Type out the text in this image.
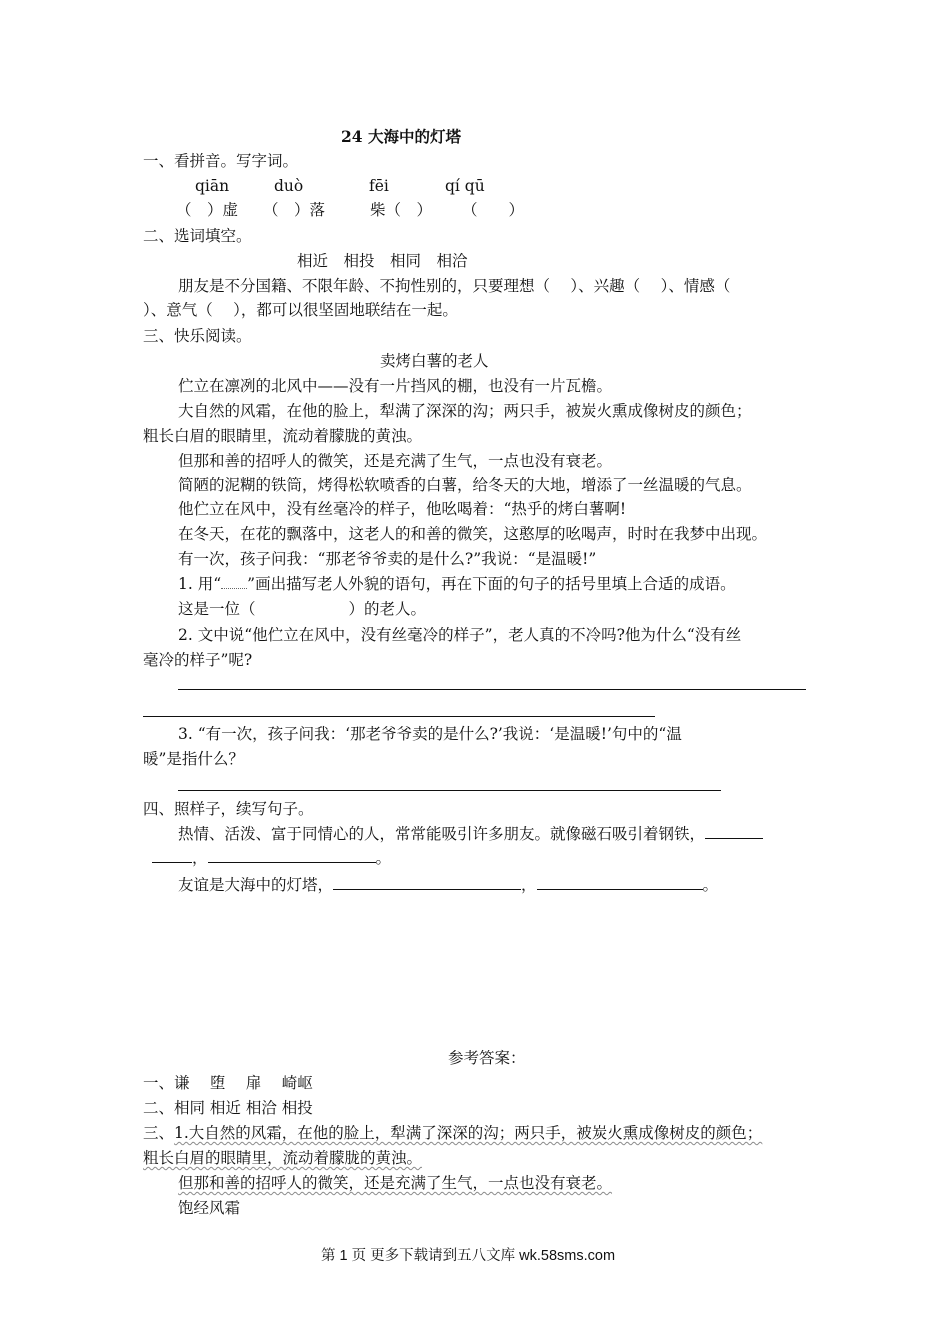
24 大海中的灯塔
一、看拼音。写字词。
qiān	duò	fēi	qí qū
（　）虚 （　）落	柴（　） （　　）
二、选词填空。
相近　相投　相同　相洽
朋友是不分国籍、不限年龄、不拘性别的，只要理想（　 ）、兴趣（　 ）、情感（
）、意气（　 ），都可以很坚固地联结在一起。
三、快乐阅读。
卖烤白薯的老人
伫立在凛冽的北风中——没有一片挡风的棚，也没有一片瓦檐。
大自然的风霜，在他的脸上，犁满了深深的沟；两只手，被炭火熏成像树皮的颜色；
粗长白眉的眼睛里，流动着朦胧的黄浊。
但那和善的招呼人的微笑，还是充满了生气，一点也没有衰老。
简陋的泥糊的铁筒，烤得松软喷香的白薯，给冬天的大地，增添了一丝温暖的气息。
他伫立在风中，没有丝毫冷的样子，他吆喝着：“热乎的烤白薯啊!
在冬天，在花的飘落中，这老人的和善的微笑，这憨厚的吆喝声，时时在我梦中出现。
有一次，孩子问我：“那老爷爷卖的是什么?”我说：“是温暖!”
1. 用“ ”画出描写老人外貌的语句，再在下面的句子的括号里填上合适的成语。
这是一位（　　　　　　）的老人。
2. 文中说“他伫立在风中，没有丝毫冷的样子”，老人真的不冷吗?他为什么“没有丝
毫冷的样子”呢?
3. “有一次，孩子问我：‘那老爷爷卖的是什么?’我说：‘是温暖!’句中的“温
暖”是指什么？
四、照样子，续写句子。
热情、活泼、富于同情心的人，常常能吸引许多朋友。就像磁石吸引着钢铁，
，	。
友谊是大海中的灯塔，	，	。
参考答案：
一、谦　 堕　 扉　 崎岖
二、相同 相近 相洽 相投
三、1.大自然的风霜，在他的脸上，犁满了深深的沟；两只手，被炭火熏成像树皮的颜色；
粗长白眉的眼睛里，流动着朦胧的黄浊。
但那和善的招呼人的微笑，还是充满了生气，一点也没有衰老。
饱经风霜
第 1 页 更多下载请到五八文库 wk.58sms.com
